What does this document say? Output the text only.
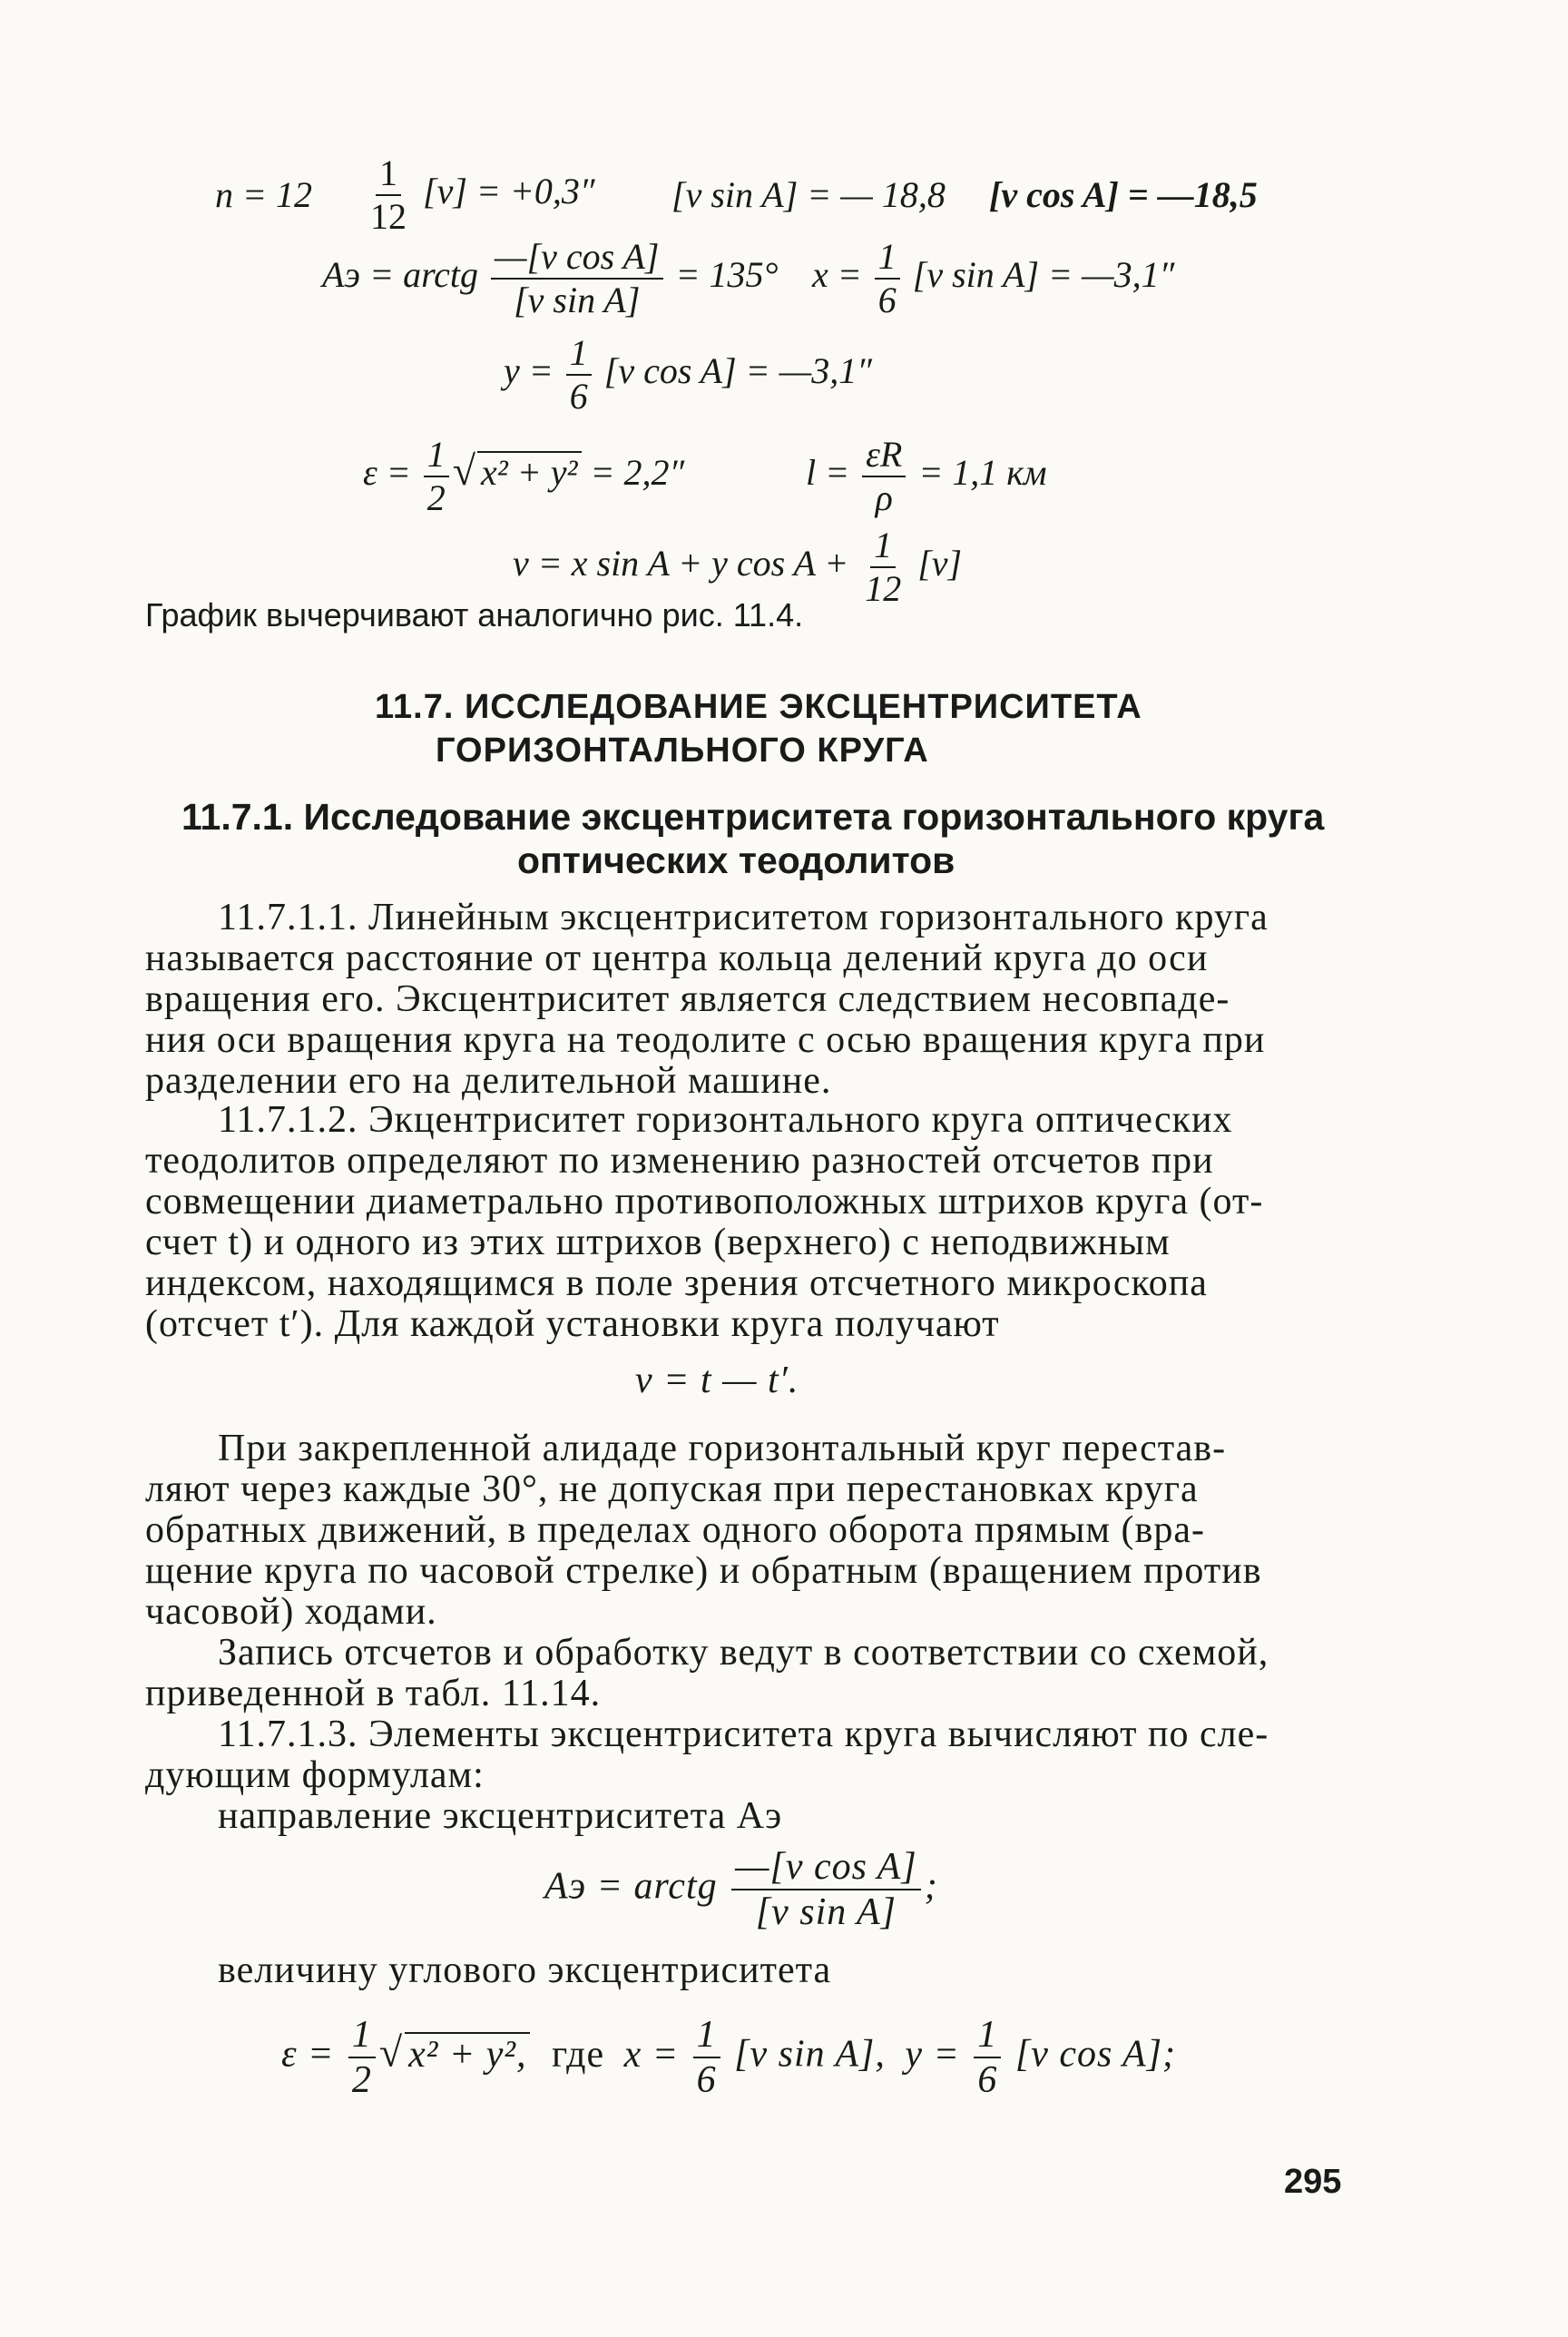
$n = 12 \frac{1}{12} [v] = +0,3''$ [v sin A] = — 18,8 [v cos A] = —18,5
Aэ = arctg $\frac{\text{—[v cos A]}}{\text{[v sin A]}} = 135^\circ$ $x = \frac{1}{6} [v$ sin A] = —3,1″
$y = \frac{1}{6} [v$ cos A] = —3,1″
$\varepsilon = \frac{1}{2}$ √ x² + y² = 2,2″	$l = \frac{\varepsilon R}{\rho} = 1,1$ км
v = x sin A + y $\cos A + \frac{1}{12} [v]$
График вычерчивают аналогично рис. 11.4.
11.7. ИССЛЕДОВАНИЕ ЭКСЦЕНТРИСИТЕТА
ГОРИЗОНТАЛЬНОГО КРУГА
11.7.1. Исследование эксцентриситета горизонтального круга
оптических теодолитов
11.7.1.1. Линейным эксцентриситетом горизонтального круга
называется расстояние от центра кольца делений круга до оси
вращения его. Эксцентриситет является следствием несовпаде-
ния оси вращения круга на теодолите с осью вращения круга при
разделении его на делительной машине.
11.7.1.2. Экцентриситет горизонтального круга оптических
теодолитов определяют по изменению разностей отсчетов при
совмещении диаметрально противоположных штрихов круга (от-
счет t) и одного из этих штрихов (верхнего) с неподвижным
индексом, находящимся в поле зрения отсчетного микроскопа
(отсчет t′). Для каждой установки круга получают
v = t — t′.
При закрепленной алидаде горизонтальный круг перестав-
ляют через каждые 30°, не допуская при перестановках круга
обратных движений, в пределах одного оборота прямым (вра-
щение круга по часовой стрелке) и обратным (вращением против
часовой) ходами.
Запись отсчетов и обработку ведут в соответствии со схемой,
приведенной в табл. 11.14.
11.7.1.3. Элементы эксцентриситета круга вычисляют по сле-
дующим формулам:
направление эксцентриситета Aэ
Aэ = arctg $\frac{\text{—[v cos A]}}{\text{[v sin A]}}$ ;
величину углового эксцентриситета
$\varepsilon = \frac{1}{2}$ √ x² + y², где $x = \frac{1}{6} [v$ sin A], $y = \frac{1}{6} [v$ cos A];
295
